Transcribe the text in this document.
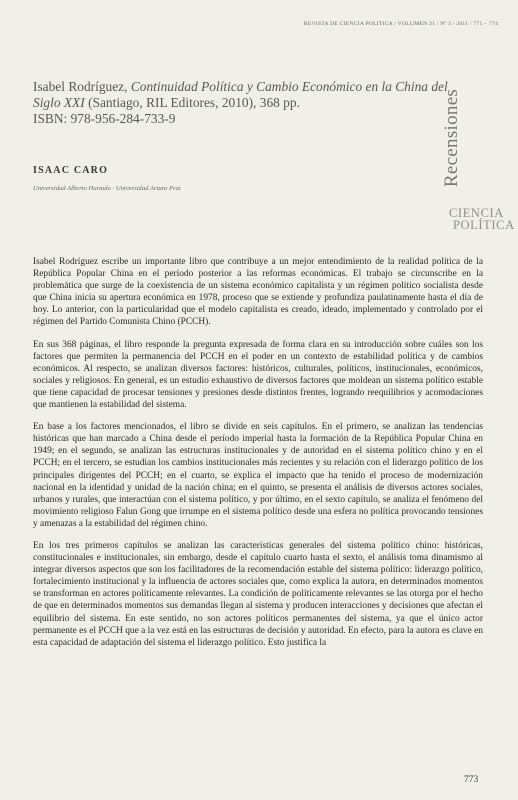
REVISTA DE CIENCIA POLÍTICA / VOLUMEN 31 / Nº 3 / 2011 / 771 – 774
Isabel Rodríguez, Continuidad Política y Cambio Económico en la China del Siglo XXI (Santiago, RIL Editores, 2010), 368 pp.
ISBN: 978-956-284-733-9
ISAAC CARO
Universidad Alberto Hurtado · Universidad Arturo Prat
Recensiones
CIENCIA
POLÍTICA

Isabel Rodríguez escribe un importante libro que contribuye a un mejor entendimiento de la realidad política de la República Popular China en el período posterior a las reformas económicas. El trabajo se circunscribe en la problemática que surge de la coexistencia de un sistema económico capitalista y un régimen político socialista desde que China inicia su apertura económica en 1978, proceso que se extiende y profundiza paulatinamente hasta el día de hoy. Lo anterior, con la particularidad que el modelo capitalista es creado, ideado, implementado y controlado por el régimen del Partido Comunista Chino (PCCH).

En sus 368 páginas, el libro responde la pregunta expresada de forma clara en su introducción sobre cuáles son los factores que permiten la permanencia del PCCH en el poder en un contexto de estabilidad política y de cambios económicos. Al respecto, se analizan diversos factores: históricos, culturales, políticos, institucionales, económicos, sociales y religiosos. En general, es un estudio exhaustivo de diversos factores que moldean un sistema político estable que tiene capacidad de procesar tensiones y presiones desde distintos frentes, logrando reequilibrios y acomodaciones que mantienen la estabilidad del sistema.

En base a los factores mencionados, el libro se divide en seis capítulos. En el primero, se analizan las tendencias históricas que han marcado a China desde el período imperial hasta la formación de la República Popular China en 1949; en el segundo, se analizan las estructuras institucionales y de autoridad en el sistema político chino y en el PCCH; en el tercero, se estudian los cambios institucionales más recientes y su relación con el liderazgo político de los principales dirigentes del PCCH; en el cuarto, se explica el impacto que ha tenido el proceso de modernización nacional en la identidad y unidad de la nación china; en el quinto, se presenta el análisis de diversos actores sociales, urbanos y rurales, que interactúan con el sistema político, y por último, en el sexto capítulo, se analiza el fenómeno del movimiento religioso Falun Gong que irrumpe en el sistema político desde una esfera no política provocando tensiones y amenazas a la estabilidad del régimen chino.

En los tres primeros capítulos se analizan las características generales del sistema político chino: históricas, constitucionales e institucionales, sin embargo, desde el capítulo cuarto hasta el sexto, el análisis toma dinamismo al integrar diversos aspectos que son los facilitadores de la recomendación estable del sistema político: liderazgo político, fortalecimiento institucional y la influencia de actores sociales que, como explica la autora, en determinados momentos se transforman en actores políticamente relevantes. La condición de políticamente relevantes se las otorga por el hecho de que en determinados momentos sus demandas llegan al sistema y producen interacciones y decisiones que afectan el equilibrio del sistema. En este sentido, no son actores políticos permanentes del sistema, ya que el único actor permanente es el PCCH que a la vez está en las estructuras de decisión y autoridad. En efecto, para la autora es clave en esta capacidad de adaptación del sistema el liderazgo político. Esto justifica la

773
